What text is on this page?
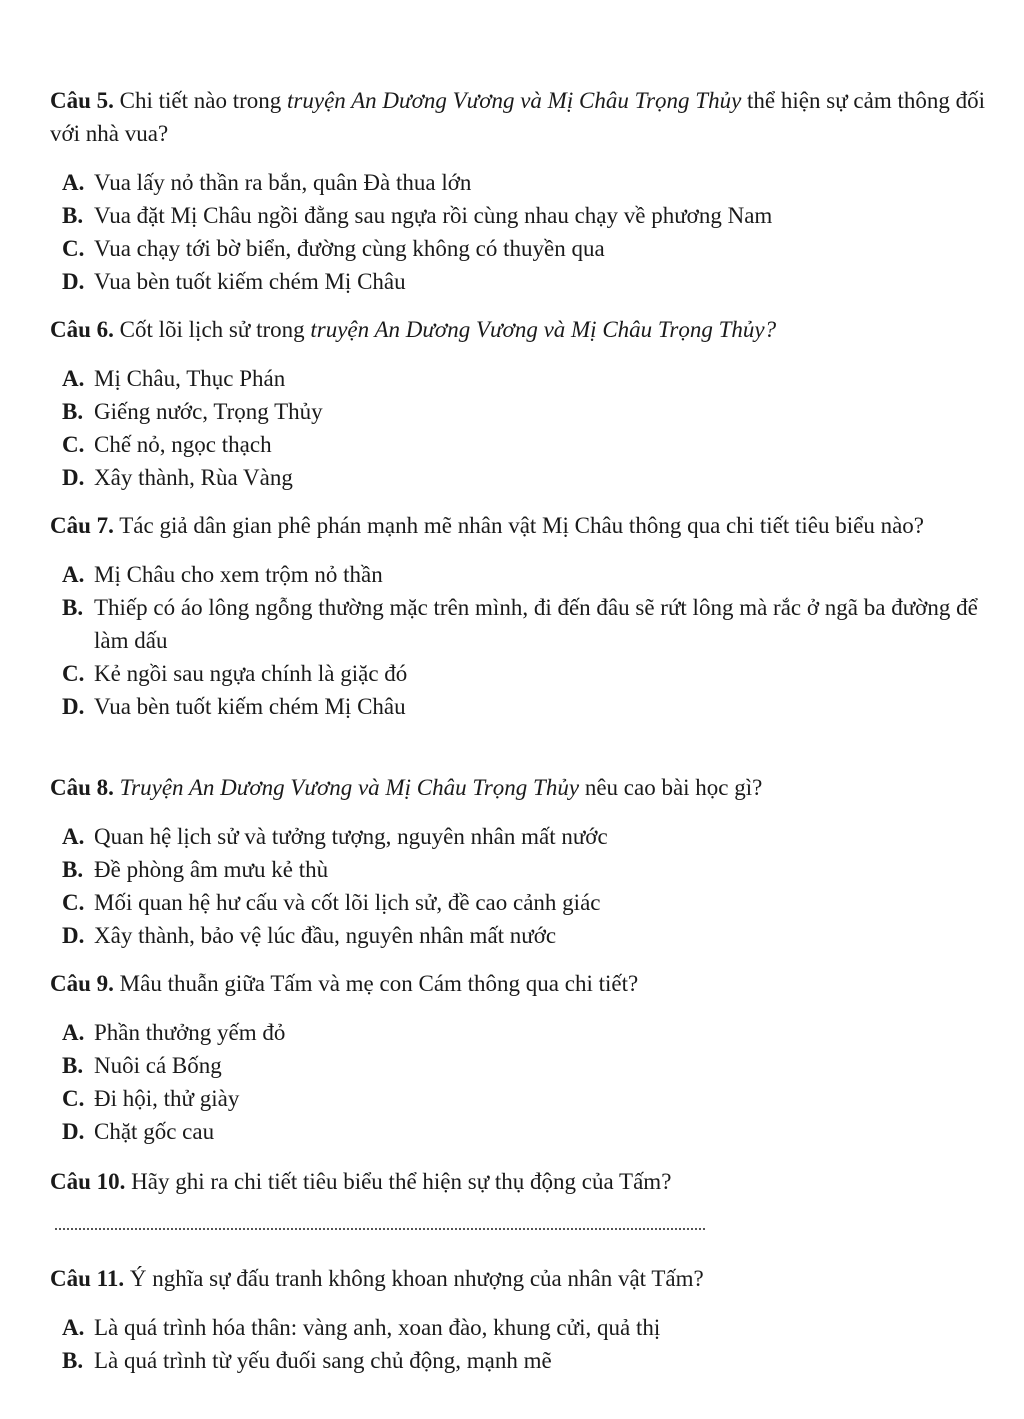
Câu 5. Chi tiết nào trong truyện An Dương Vương và Mị Châu Trọng Thủy thể hiện sự cảm thông đối với nhà vua?

A. Vua lấy nỏ thần ra bắn, quân Đà thua lớn

B. Vua đặt Mị Châu ngồi đằng sau ngựa rồi cùng nhau chạy về phương Nam

C. Vua chạy tới bờ biển, đường cùng không có thuyền qua

D. Vua bèn tuốt kiếm chém Mị Châu

Câu 6. Cốt lõi lịch sử trong truyện An Dương Vương và Mị Châu Trọng Thủy?

A. Mị Châu, Thục Phán

B. Giếng nước, Trọng Thủy

C. Chế nỏ, ngọc thạch

D. Xây thành, Rùa Vàng

Câu 7. Tác giả dân gian phê phán mạnh mẽ nhân vật Mị Châu thông qua chi tiết tiêu biểu nào?

A. Mị Châu cho xem trộm nỏ thần

B. Thiếp có áo lông ngỗng thường mặc trên mình, đi đến đâu sẽ rứt lông mà rắc ở ngã ba đường để làm dấu

C. Kẻ ngồi sau ngựa chính là giặc đó

D. Vua bèn tuốt kiếm chém Mị Châu

Câu 8. Truyện An Dương Vương và Mị Châu Trọng Thủy nêu cao bài học gì?

A. Quan hệ lịch sử và tưởng tượng, nguyên nhân mất nước

B. Đề phòng âm mưu kẻ thù

C. Mối quan hệ hư cấu và cốt lõi lịch sử, đề cao cảnh giác

D. Xây thành, bảo vệ lúc đầu, nguyên nhân mất nước

Câu 9. Mâu thuẫn giữa Tấm và mẹ con Cám thông qua chi tiết?

A. Phần thưởng yếm đỏ

B. Nuôi cá Bống

C. Đi hội, thử giày

D. Chặt gốc cau

Câu 10. Hãy ghi ra chi tiết tiêu biểu thể hiện sự thụ động của Tấm?

Câu 11. Ý nghĩa sự đấu tranh không khoan nhượng của nhân vật Tấm?

A. Là quá trình hóa thân: vàng anh, xoan đào, khung cửi, quả thị

B. Là quá trình từ yếu đuối sang chủ động, mạnh mẽ
